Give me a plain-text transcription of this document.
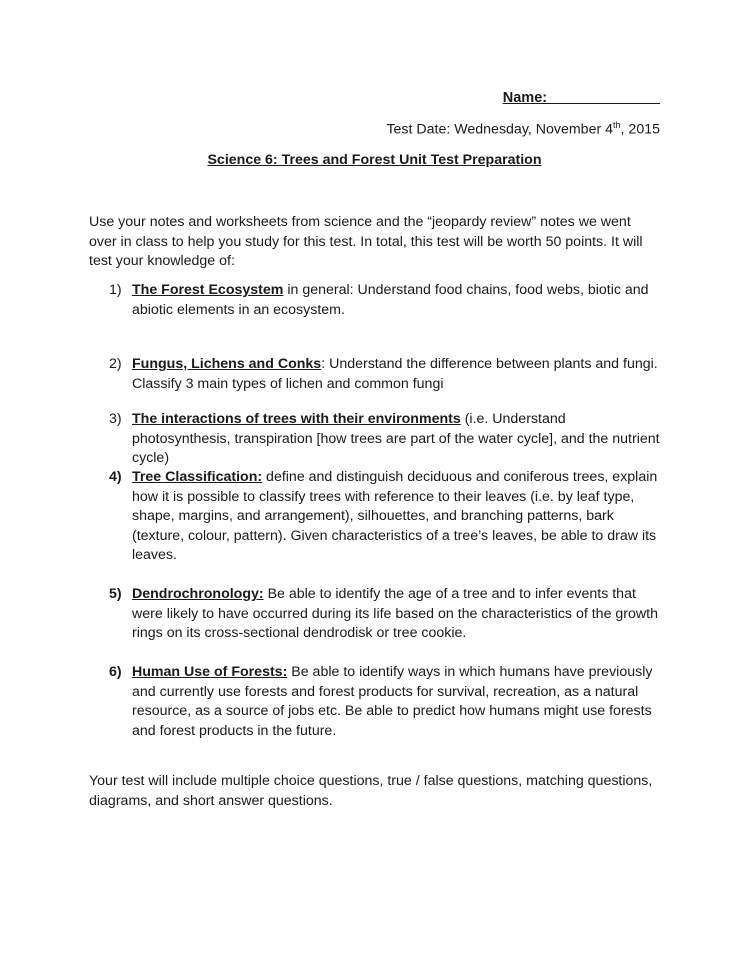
Name:______________
Test Date: Wednesday, November 4th, 2015
Science 6: Trees and Forest Unit Test Preparation
Use your notes and worksheets from science and the “jeopardy review” notes we went over in class to help you study for this test. In total, this test will be worth 50 points. It will test your knowledge of:
1) The Forest Ecosystem in general: Understand food chains, food webs, biotic and abiotic elements in an ecosystem.
2) Fungus, Lichens and Conks: Understand the difference between plants and fungi. Classify 3 main types of lichen and common fungi
3) The interactions of trees with their environments (i.e. Understand photosynthesis, transpiration [how trees are part of the water cycle], and the nutrient cycle)
4) Tree Classification: define and distinguish deciduous and coniferous trees, explain how it is possible to classify trees with reference to their leaves (i.e. by leaf type, shape, margins, and arrangement), silhouettes, and branching patterns, bark (texture, colour, pattern). Given characteristics of a tree’s leaves, be able to draw its leaves.
5) Dendrochronology: Be able to identify the age of a tree and to infer events that were likely to have occurred during its life based on the characteristics of the growth rings on its cross-sectional dendrodisk or tree cookie.
6) Human Use of Forests: Be able to identify ways in which humans have previously and currently use forests and forest products for survival, recreation, as a natural resource, as a source of jobs etc. Be able to predict how humans might use forests and forest products in the future.
Your test will include multiple choice questions, true / false questions, matching questions, diagrams, and short answer questions.
